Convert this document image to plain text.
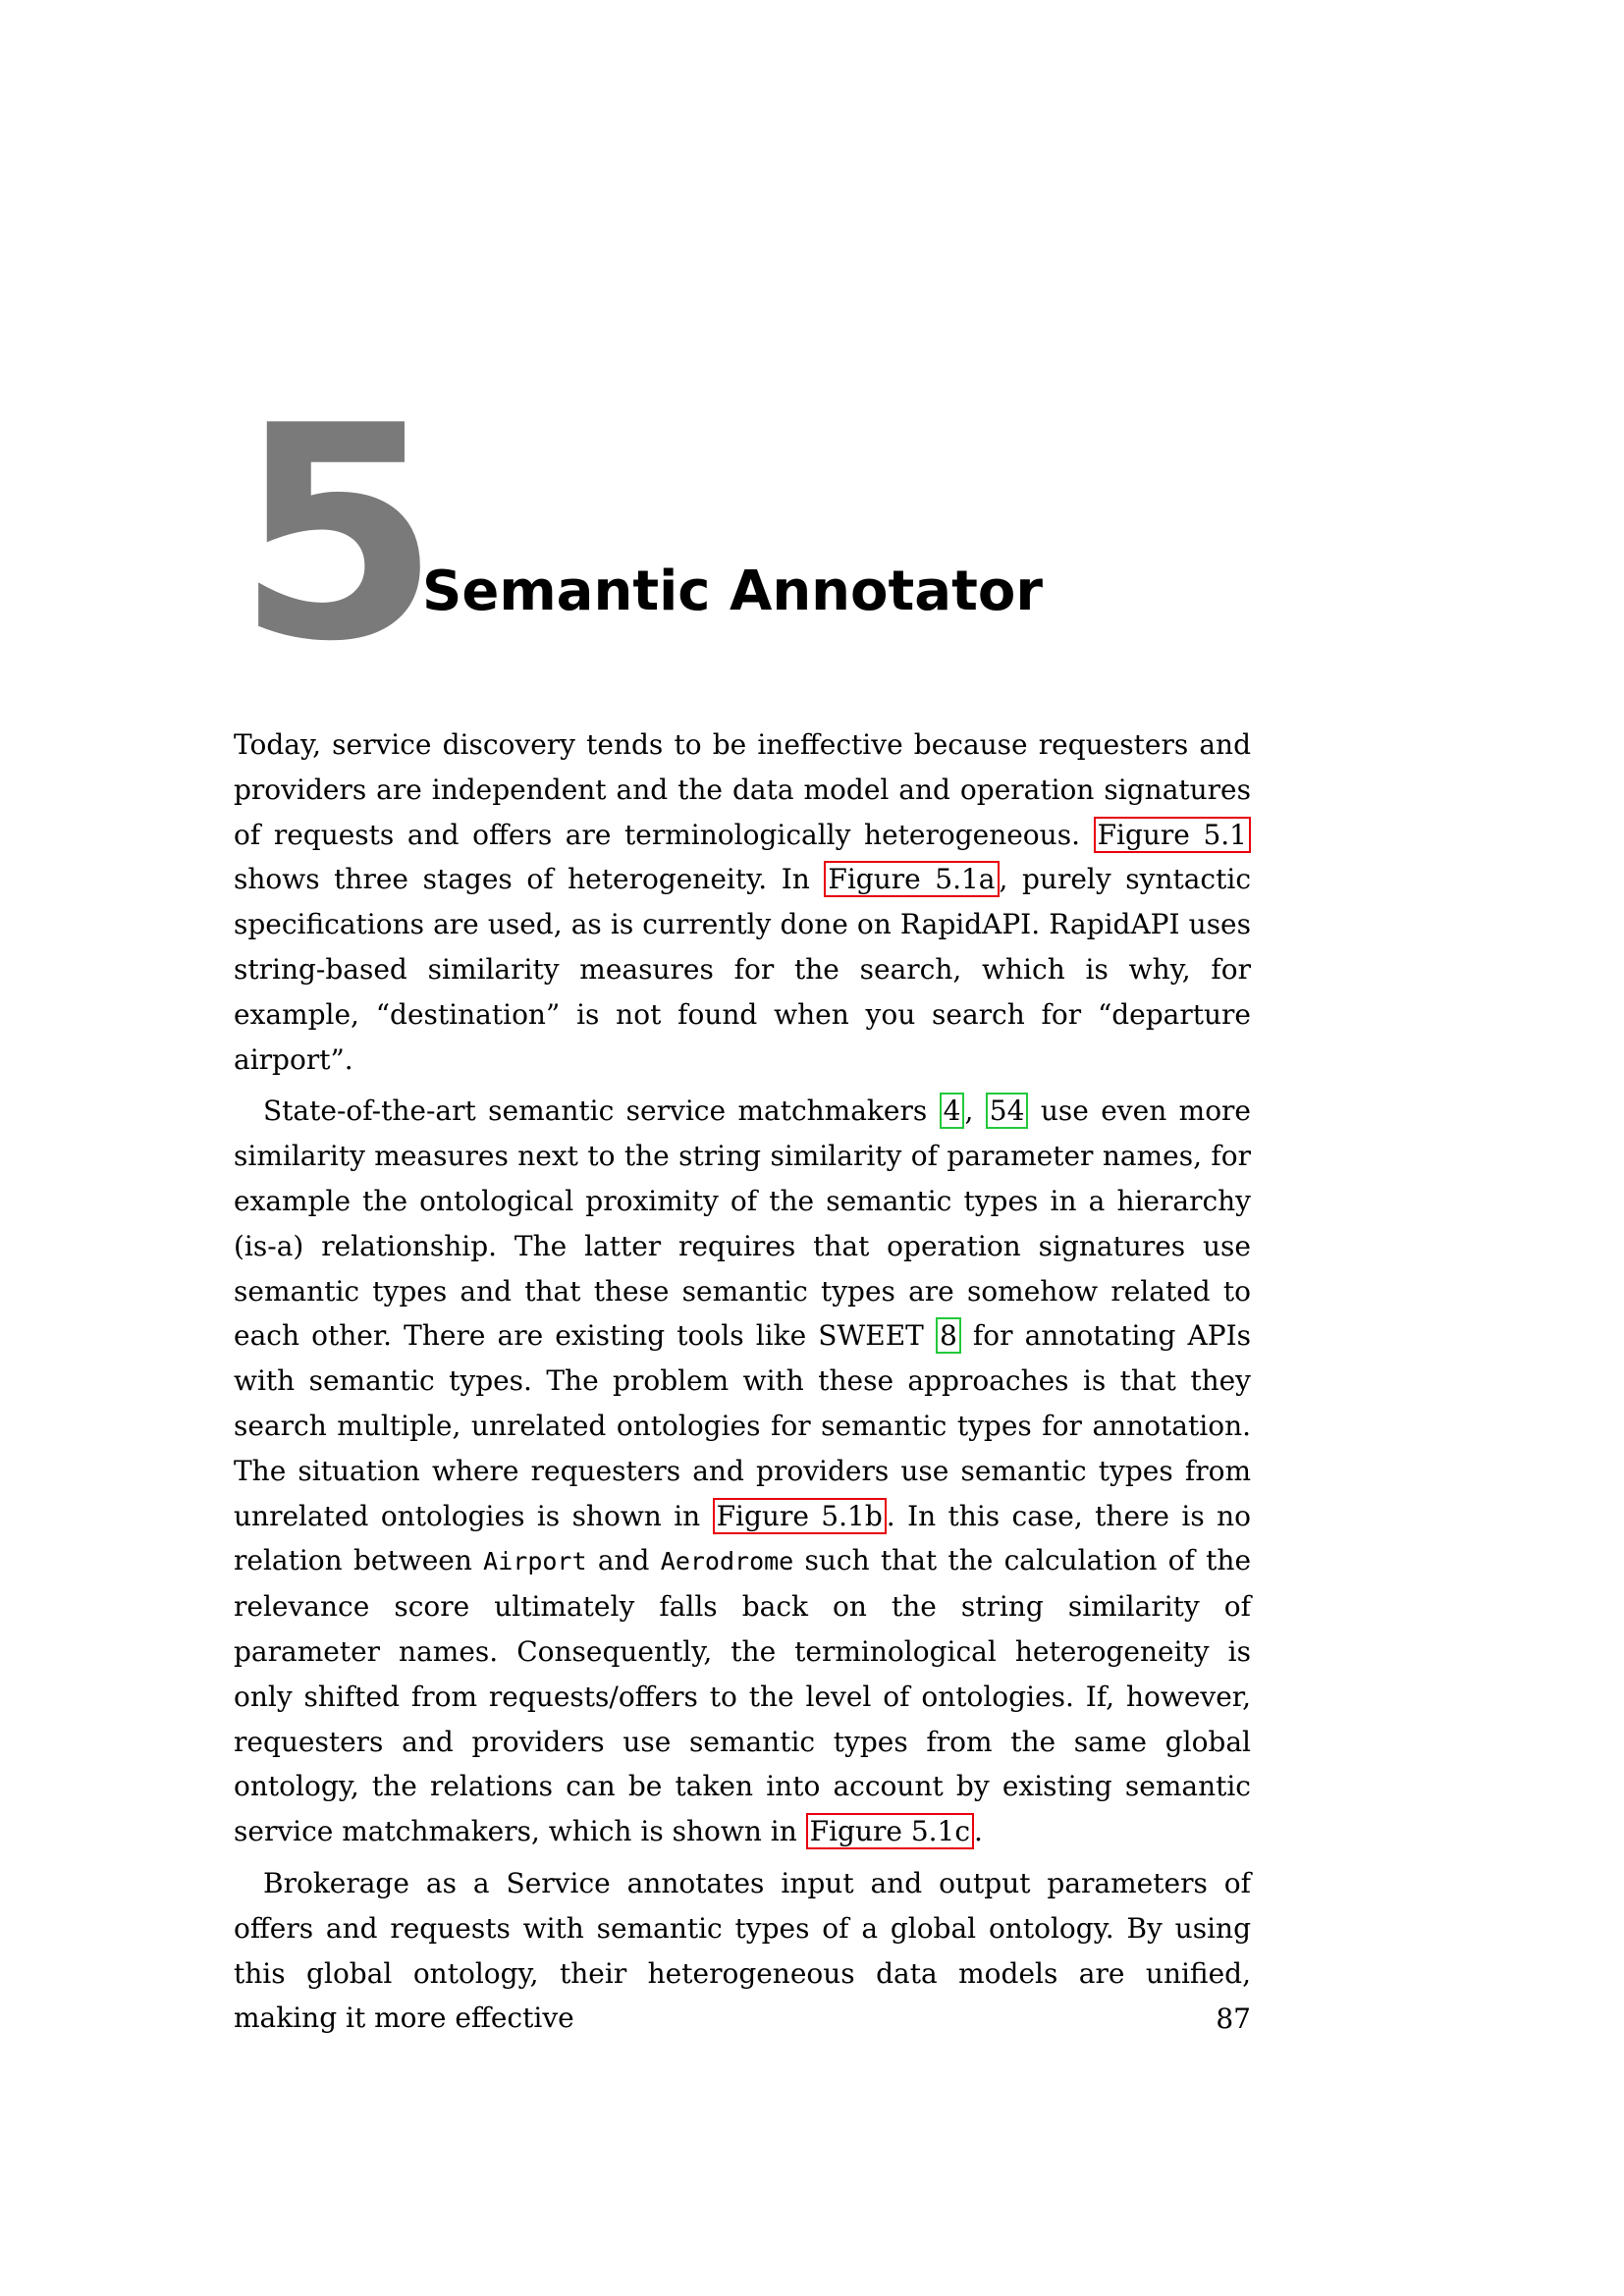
5
Semantic Annotator

Today, service discovery tends to be ineffective because requesters and providers are independent and the data model and operation signatures of requests and offers are terminologically heterogeneous. Figure 5.1 shows three stages of heterogeneity. In Figure 5.1a , purely syntactic specifications are used, as is currently done on RapidAPI. RapidAPI uses string-based similarity measures for the search, which is why, for example, “destination” is not found when you search for “departure airport”.

State-of-the-art semantic service matchmakers 4 , 54 use even more similarity measures next to the string similarity of parameter names, for example the ontological proximity of the semantic types in a hierarchy (is-a) relationship. The latter requires that operation signatures use semantic types and that these semantic types are somehow related to each other. There are existing tools like SWEET 8 for annotating APIs with semantic types. The problem with these approaches is that they search multiple, unrelated ontologies for semantic types for annotation. The situation where requesters and providers use semantic types from unrelated ontologies is shown in Figure 5.1b . In this case, there is no relation between Airport and Aerodrome such that the calculation of the relevance score ultimately falls back on the string similarity of parameter names. Consequently, the terminological heterogeneity is only shifted from requests/offers to the level of ontologies. If, however, requesters and providers use semantic types from the same global ontology, the relations can be taken into account by existing semantic service matchmakers, which is shown in Figure 5.1c .

Brokerage as a Service annotates input and output parameters of offers and requests with semantic types of a global ontology. By using this global ontology, their heterogeneous data models are unified, making it more effective	87
